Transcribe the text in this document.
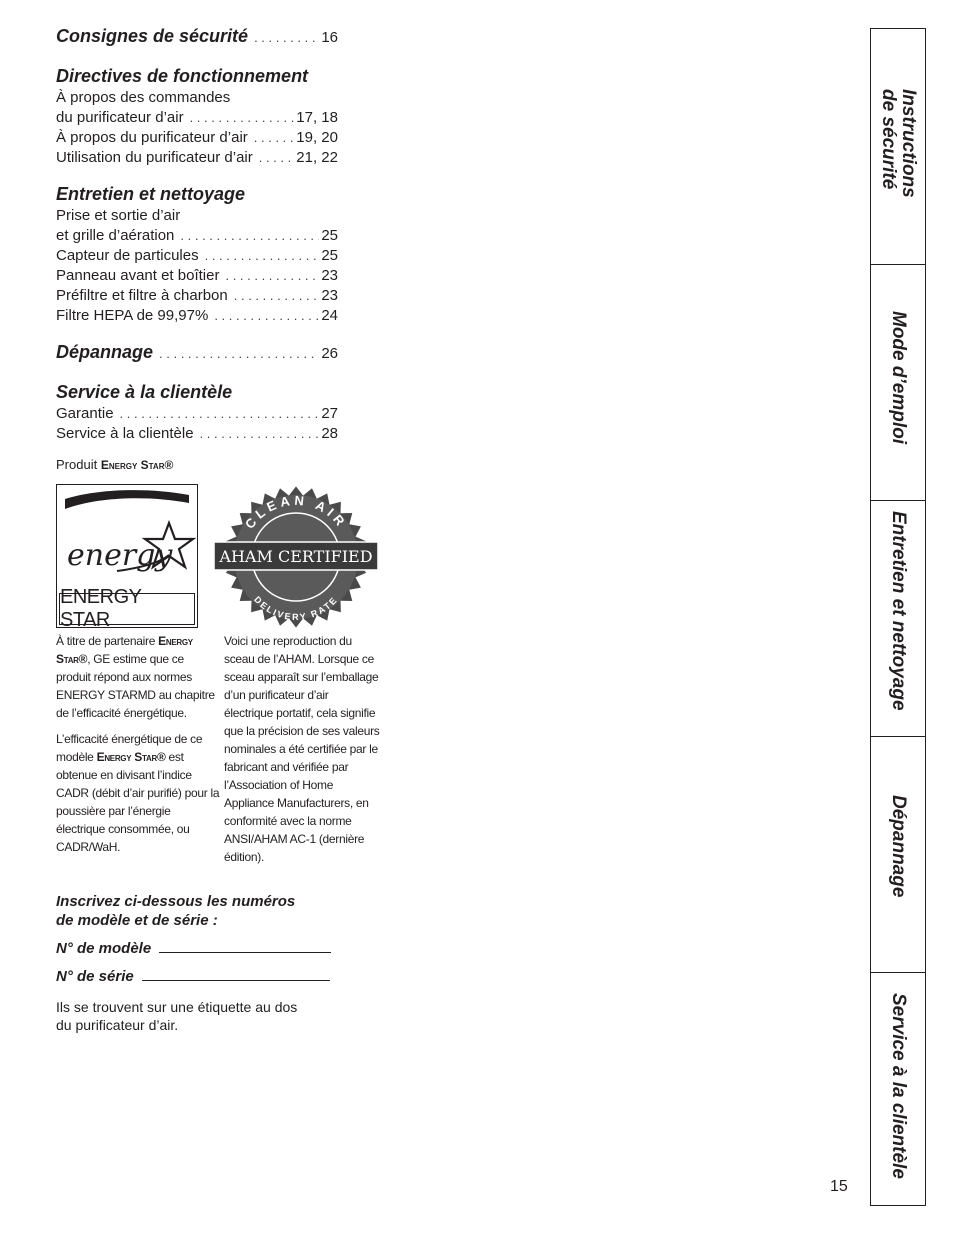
Consignes de sécurité . . .	16
Directives de fonctionnement
À propos des commandes
du purificateur d’air . . .	17, 18
À propos du purificateur d’air . . .	19, 20
Utilisation du purificateur d’air . . .	21, 22
Entretien et nettoyage
Prise et sortie d’air
et grille d’aération . . .	25
Capteur de particules . . .	25
Panneau avant et boîtier . . .	23
Préfiltre et filtre à charbon . . .	23
Filtre HEPA de 99,97% . . .	24
Dépannage . . .	26
Service à la clientèle
Garantie . . .	27
Service à la clientèle . . .	28
Produit Energy Star®
energy
ENERGY STAR
CLEAN AIR
AHAM CERTIFIED
DELIVERY RATE

À titre de partenaire Energy Star®, GE estime que ce produit répond aux normes ENERGY STARMD au chapitre de l’efficacité énergétique.

L’efficacité énergétique de ce modèle Energy Star® est obtenue en divisant l’indice CADR (débit d’air purifié) pour la poussière par l’énergie électrique consommée, ou CADR/WaH.

Voici une reproduction du sceau de l’AHAM. Lorsque ce sceau apparaît sur l’emballage d’un purificateur d’air électrique portatif, cela signifie que la précision de ses valeurs nominales a été certifiée par le fabricant and vérifiée par l’Association of Home Appliance Manufacturers, en conformité avec la norme ANSI/AHAM AC-1 (dernière édition).

Inscrivez ci-dessous les numéros
de modèle et de série :
N° de modèle
N° de série
Ils se trouvent sur une étiquette au dos
du purificateur d’air.
15
Instructions
de sécurité
Mode d’emploi
Entretien et nettoyage
Dépannage
Service à la clientèle
